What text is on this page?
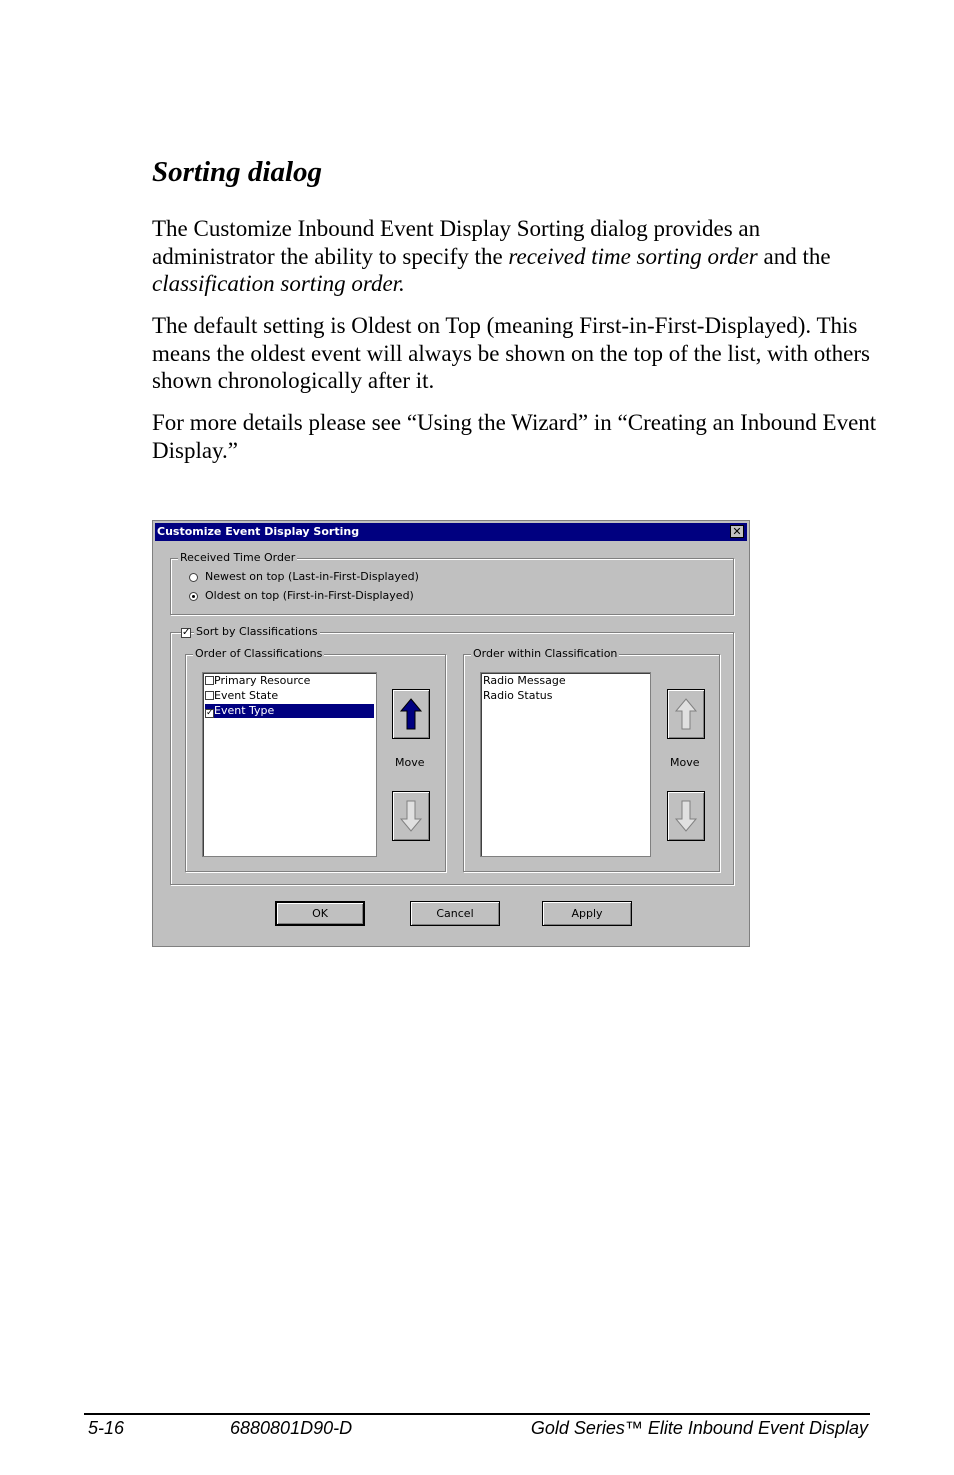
Sorting dialog

The Customize Inbound Event Display Sorting dialog provides an administrator the ability to specify the received time sorting order and the classification sorting order.

The default setting is Oldest on Top (meaning First-in-First-Displayed). This means the oldest event will always be shown on the top of the list, with others shown chronologically after it.

For more details please see “Using the Wizard” in “Creating an Inbound Event Display.”

Customize Event Display Sorting	✕
Received Time Order
Newest on top (Last-in-First-Displayed)
Oldest on top (First-in-First-Displayed)
✓ Sort by Classifications
Order of Classifications
Primary Resource
Event State
✓Event Type
Move
Order within Classification
Radio Message
Radio Status
Move
OK	Cancel	Apply
5-16	6880801D90-D	Gold Series™ Elite Inbound Event Display
